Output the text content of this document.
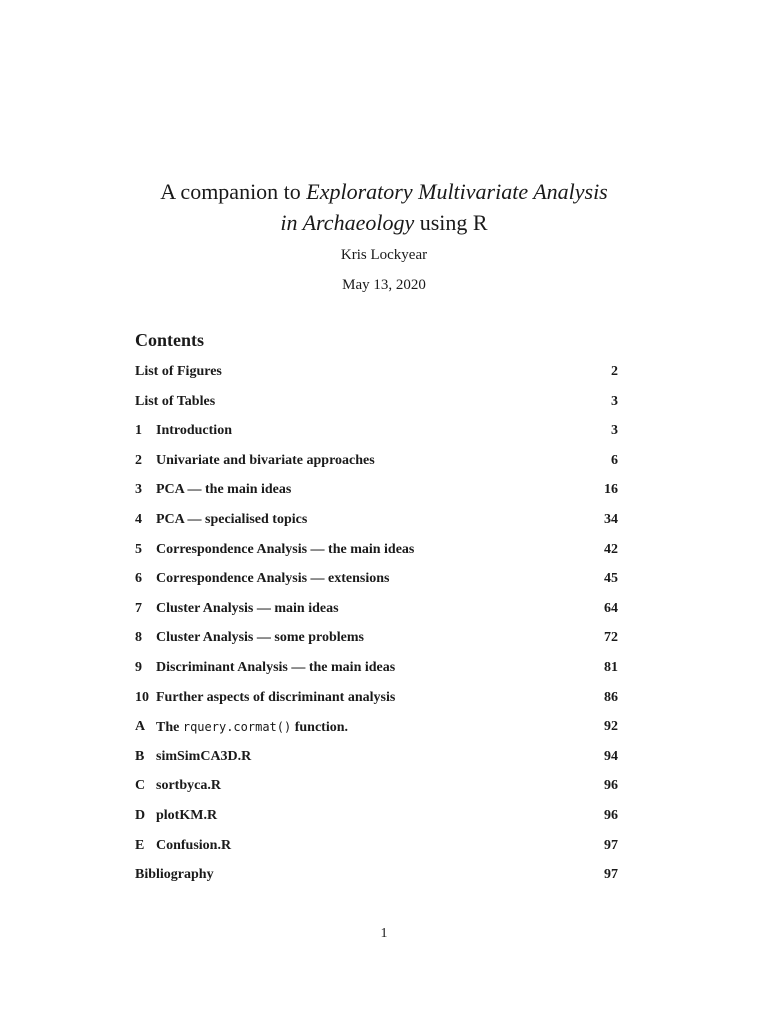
A companion to Exploratory Multivariate Analysis
in Archaeology using R
Kris Lockyear
May 13, 2020
Contents
List of Figures	2
List of Tables	3
1 Introduction	3
2 Univariate and bivariate approaches	6
3 PCA — the main ideas	16
4 PCA — specialised topics	34
5 Correspondence Analysis — the main ideas	42
6 Correspondence Analysis — extensions	45
7 Cluster Analysis — main ideas	64
8 Cluster Analysis — some problems	72
9 Discriminant Analysis — the main ideas	81
10 Further aspects of discriminant analysis	86
A The rquery.cormat() function.	92
B simSimCA3D.R	94
C sortbyca.R	96
D plotKM.R	96
E Confusion.R	97
Bibliography	97
1
